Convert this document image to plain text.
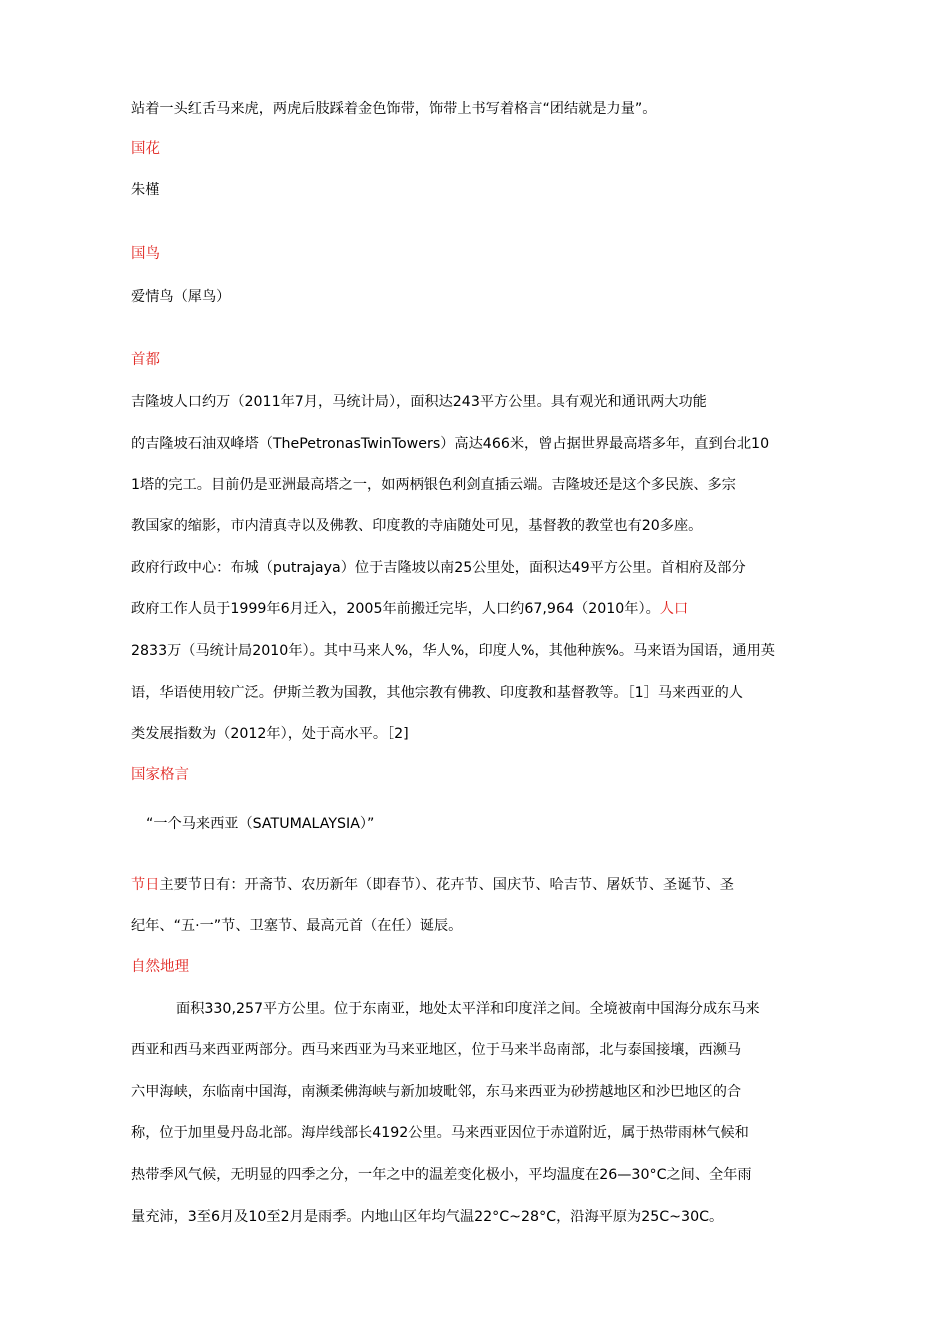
站着一头红舌马来虎，两虎后肢踩着金色饰带，饰带上书写着格言“团结就是力量”。
国花
朱槿
国鸟
爱情鸟（犀鸟）
首都
吉隆坡人口约万（2011年7月，马统计局），面积达243平方公里。具有观光和通讯两大功能
的吉隆坡石油双峰塔（ThePetronasTwinTowers）高达466米，曾占据世界最高塔多年，直到台北10
1塔的完工。目前仍是亚洲最高塔之一，如两柄银色利剑直插云端。吉隆坡还是这个多民族、多宗
教国家的缩影，市内清真寺以及佛教、印度教的寺庙随处可见，基督教的教堂也有20多座。
政府行政中心：布城（putrajaya）位于吉隆坡以南25公里处，面积达49平方公里。首相府及部分
政府工作人员于1999年6月迁入，2005年前搬迁完毕，人口约67,964（2010年）。人口
2833万（马统计局2010年）。其中马来人%，华人%，印度人%，其他种族%。马来语为国语，通用英
语，华语使用较广泛。伊斯兰教为国教，其他宗教有佛教、印度教和基督教等。［1］马来西亚的人
类发展指数为（2012年），处于高水平。［2]
国家格言
“一个马来西亚（SATUMALAYSIA）”
节日主要节日有：开斋节、农历新年（即春节）、花卉节、国庆节、哈吉节、屠妖节、圣诞节、圣
纪年、“五·一”节、卫塞节、最高元首（在任）诞辰。
自然地理
面积330,257平方公里。位于东南亚，地处太平洋和印度洋之间。全境被南中国海分成东马来
西亚和西马来西亚两部分。西马来西亚为马来亚地区，位于马来半岛南部，北与泰国接壤，西濒马
六甲海峡，东临南中国海，南濒柔佛海峡与新加坡毗邻，东马来西亚为砂捞越地区和沙巴地区的合
称，位于加里曼丹岛北部。海岸线部长4192公里。马来西亚因位于赤道附近，属于热带雨林气候和
热带季风气候，无明显的四季之分，一年之中的温差变化极小，平均温度在26—30°C之间、全年雨
量充沛，3至6月及10至2月是雨季。内地山区年均气温22°C~28°C，沿海平原为25C~30C。
